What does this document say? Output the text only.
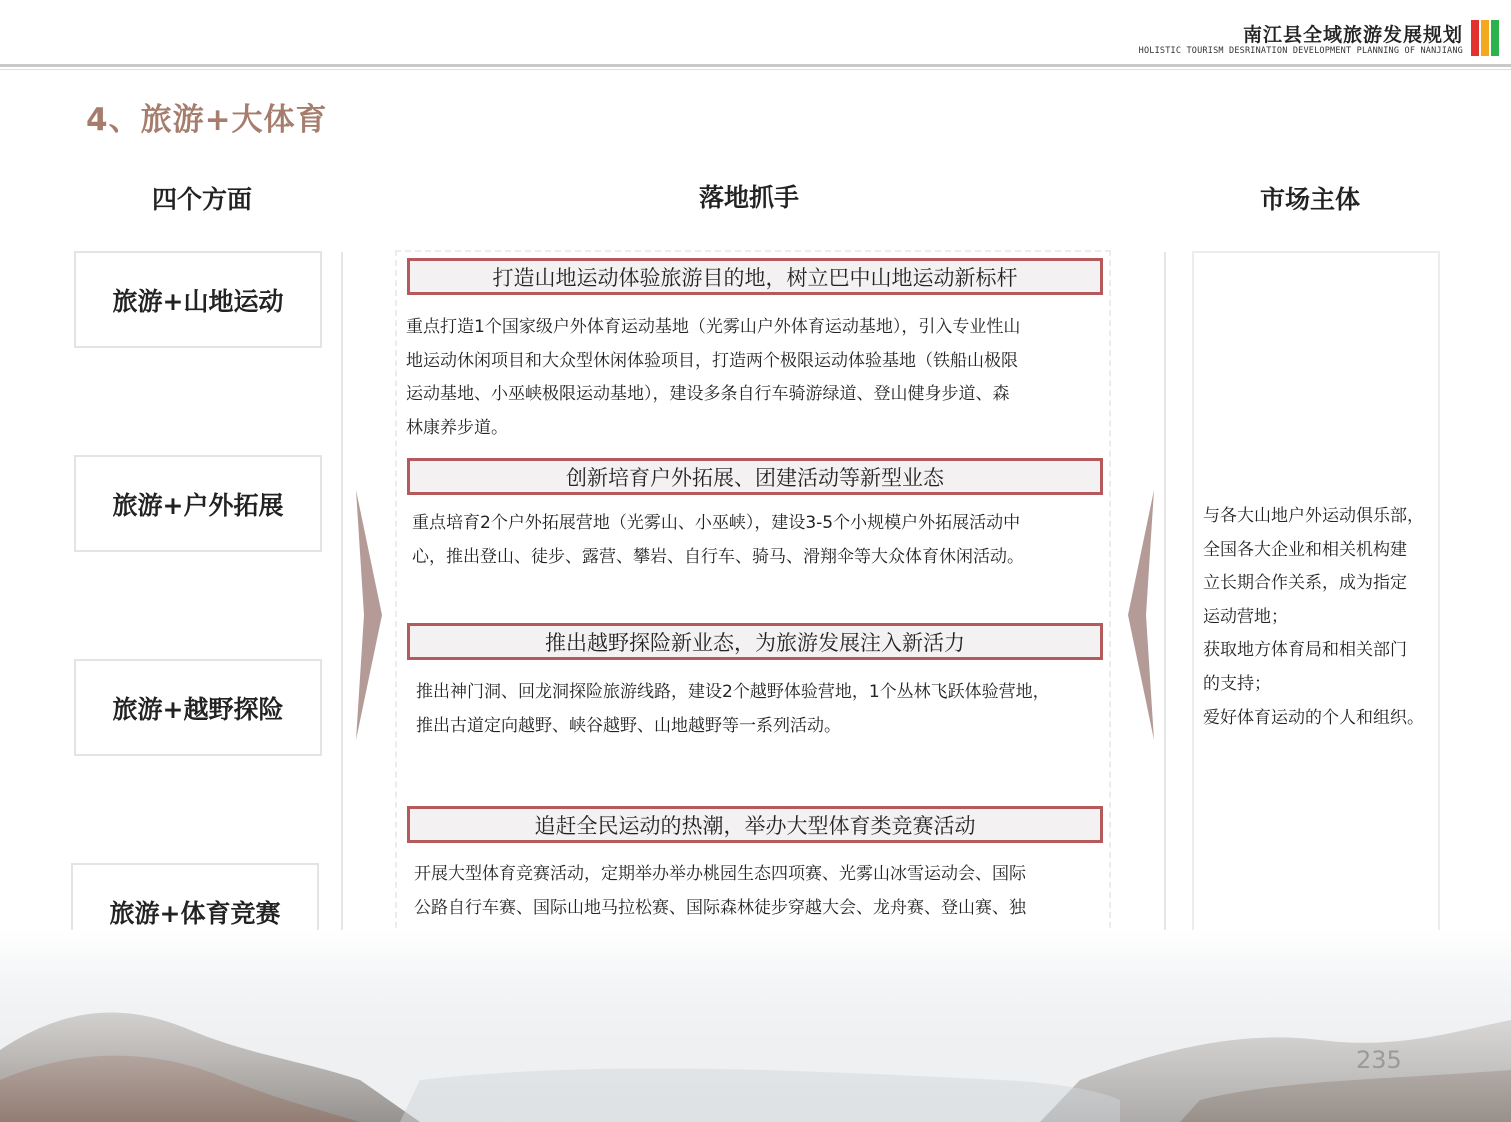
南江县全域旅游发展规划
HOLISTIC TOURISM DESRINATION DEVELOPMENT PLANNING OF NANJIANG
4、旅游+大体育
四个方面	落地抓手	市场主体
旅游+山地运动
旅游+户外拓展
旅游+越野探险
旅游+体育竞赛
打造山地运动体验旅游目的地，树立巴中山地运动新标杆
重点打造1个国家级户外体育运动基地（光雾山户外体育运动基地），引入专业性山
地运动休闲项目和大众型休闲体验项目，打造两个极限运动体验基地（铁船山极限
运动基地、小巫峡极限运动基地），建设多条自行车骑游绿道、登山健身步道、森
林康养步道。
创新培育户外拓展、团建活动等新型业态
重点培育2个户外拓展营地（光雾山、小巫峡），建设3-5个小规模户外拓展活动中
心，推出登山、徒步、露营、攀岩、自行车、骑马、滑翔伞等大众体育休闲活动。
推出越野探险新业态，为旅游发展注入新活力
推出神门洞、回龙洞探险旅游线路，建设2个越野体验营地，1个丛林飞跃体验营地，
推出古道定向越野、峡谷越野、山地越野等一系列活动。
追赶全民运动的热潮，举办大型体育类竞赛活动
开展大型体育竞赛活动，定期举办举办桃园生态四项赛、光雾山冰雪运动会、国际
公路自行车赛、国际山地马拉松赛、国际森林徒步穿越大会、龙舟赛、登山赛、独
与各大山地户外运动俱乐部，
全国各大企业和相关机构建
立长期合作关系，成为指定
运动营地；
获取地方体育局和相关部门
的支持；
爱好体育运动的个人和组织。
235
